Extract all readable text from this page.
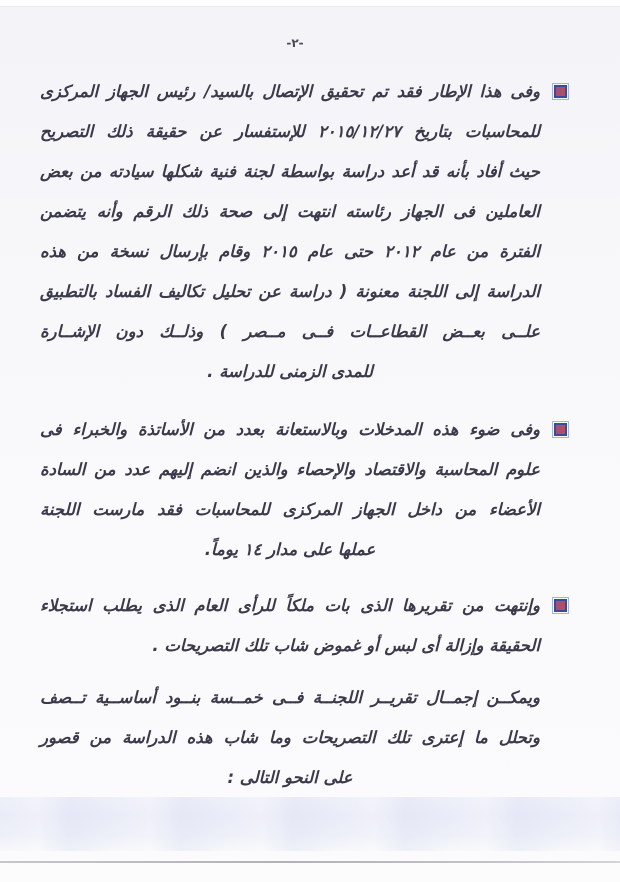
-٢-
وفى هذا الإطار فقد تم تحقيق الإتصال بالسيد/ رئيس الجهاز المركزى
للمحاسبات بتاريخ ٢٠١٥/١٢/٢٧ للإستفسار عن حقيقة ذلك التصريح
حيث أفاد بأنه قد أعد دراسة بواسطة لجنة فنية شكلها سيادته من بعض
العاملين فى الجهاز رئاسته انتهت إلى صحة ذلك الرقم وأنه يتضمن
الفترة من عام ٢٠١٢ حتى عام ٢٠١٥ وقام بإرسال نسخة من هذه
الدراسة إلى اللجنة معنونة ( دراسة عن تحليل تكاليف الفساد بالتطبيق
علــى بعــض القطاعــات فــى مــصر ) وذلــك دون الإشــارة
للمدى الزمنى للدراسة .
وفى ضوء هذه المدخلات وبالاستعانة بعدد من الأساتذة والخبراء فى
علوم المحاسبة والاقتصاد والإحصاء والذين انضم إليهم عدد من السادة
الأعضاء من داخل الجهاز المركزى للمحاسبات فقد مارست اللجنة
عملها على مدار ١٤ يوماً.
وإنتهت من تقريرها الذى بات ملكاً للرأى العام الذى يطلب استجلاء
الحقيقة وإزالة أى لبس أو غموض شاب تلك التصريحات .
ويمكــن إجمــال تقريــر اللجنــة فــى خمــسة بنــود أساســية تــصف
وتحلل ما إعترى تلك التصريحات وما شاب هذه الدراسة من قصور
على النحو التالى :
